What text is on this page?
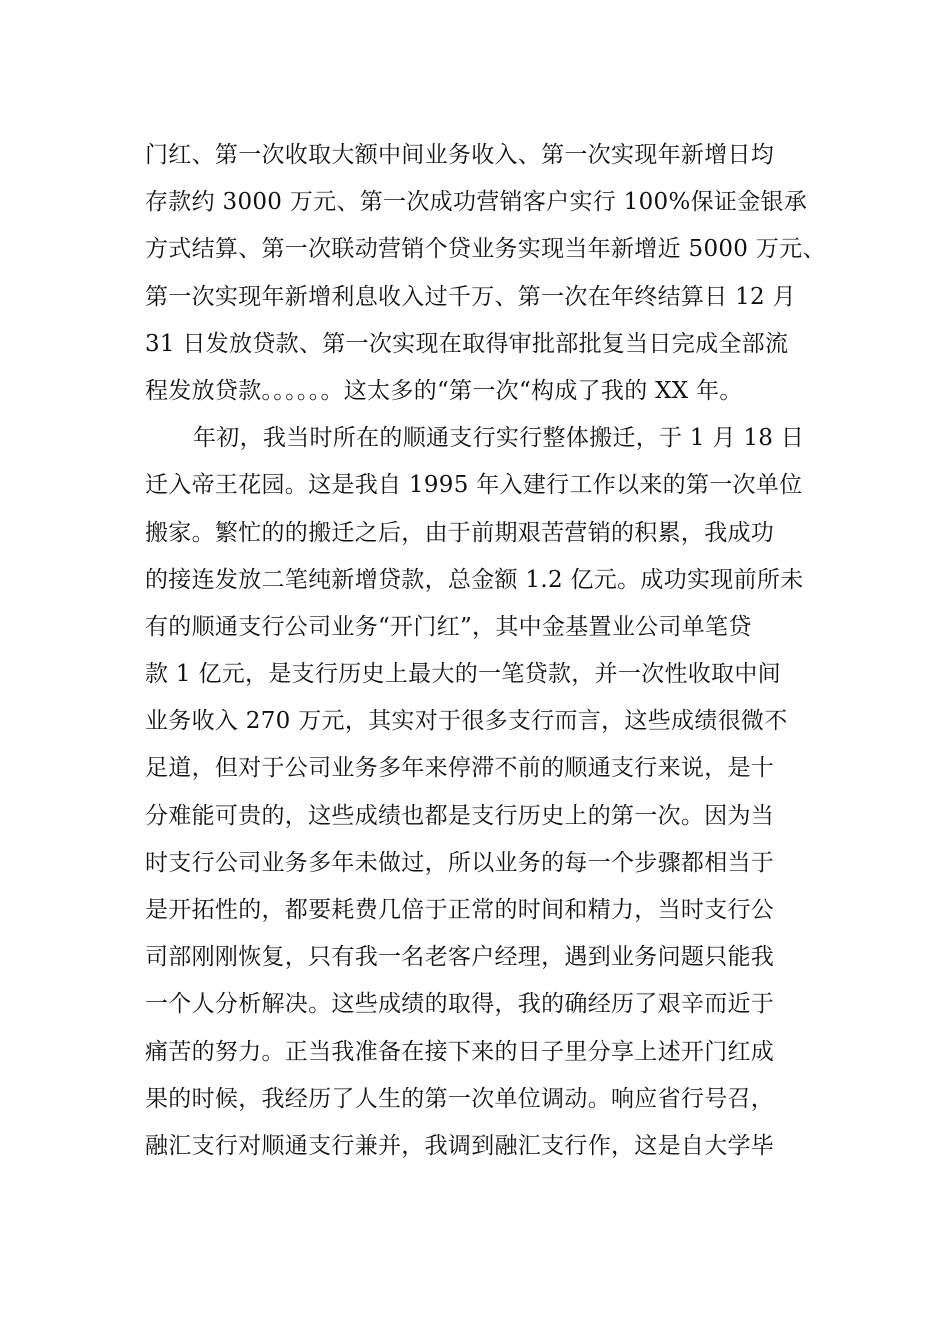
门红、第一次收取大额中间业务收入、第一次实现年新增日均
存款约 3000 万元、第一次成功营销客户实行 100%保证金银承
方式结算、第一次联动营销个贷业务实现当年新增近 5000 万元、
第一次实现年新增利息收入过千万、第一次在年终结算日 12 月
31 日发放贷款、第一次实现在取得审批部批复当日完成全部流
程发放贷款。。。。。。这太多的“第一次“构成了我的 XX 年。
年初，我当时所在的顺通支行实行整体搬迁，于 1 月 18 日
迁入帝王花园。这是我自 1995 年入建行工作以来的第一次单位
搬家。繁忙的的搬迁之后，由于前期艰苦营销的积累，我成功
的接连发放二笔纯新增贷款，总金额 1.2 亿元。成功实现前所未
有的顺通支行公司业务“开门红”，其中金基置业公司单笔贷
款 1 亿元，是支行历史上最大的一笔贷款，并一次性收取中间
业务收入 270 万元，其实对于很多支行而言，这些成绩很微不
足道，但对于公司业务多年来停滞不前的顺通支行来说，是十
分难能可贵的，这些成绩也都是支行历史上的第一次。因为当
时支行公司业务多年未做过，所以业务的每一个步骤都相当于
是开拓性的，都要耗费几倍于正常的时间和精力，当时支行公
司部刚刚恢复，只有我一名老客户经理，遇到业务问题只能我
一个人分析解决。这些成绩的取得，我的确经历了艰辛而近于
痛苦的努力。正当我准备在接下来的日子里分享上述开门红成
果的时候，我经历了人生的第一次单位调动。响应省行号召，
融汇支行对顺通支行兼并，我调到融汇支行作，这是自大学毕
